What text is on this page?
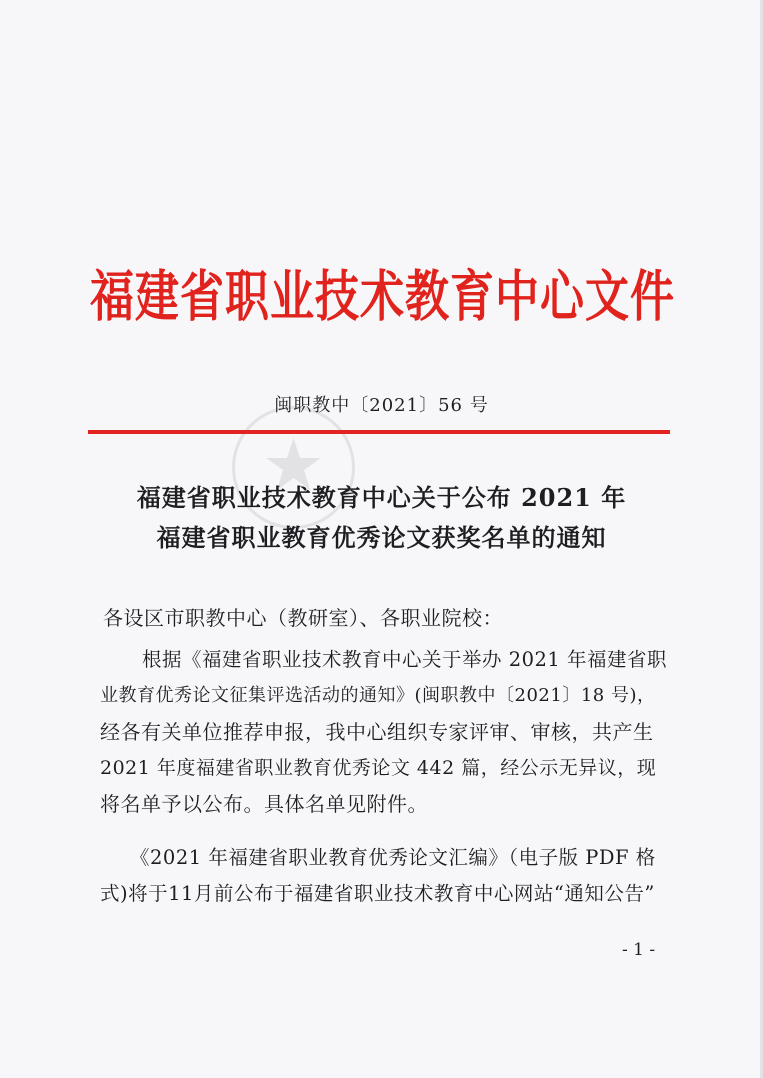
福建省职业技术教育中心文件
闽职教中〔2021〕56 号
福建省职业技术教育中心关于公布 2021 年
福建省职业教育优秀论文获奖名单的通知
各设区市职教中心（教研室）、各职业院校：
根据《福建省职业技术教育中心关于举办 2021 年福建省职
业教育优秀论文征集评选活动的通知》(闽职教中〔2021〕18 号)，
经各有关单位推荐申报，我中心组织专家评审、审核，共产生
2021 年度福建省职业教育优秀论文 442 篇，经公示无异议，现
将名单予以公布。具体名单见附件。
《2021 年福建省职业教育优秀论文汇编》（电子版 PDF 格
式)将于11月前公布于福建省职业技术教育中心网站“通知公告”
- 1 -
